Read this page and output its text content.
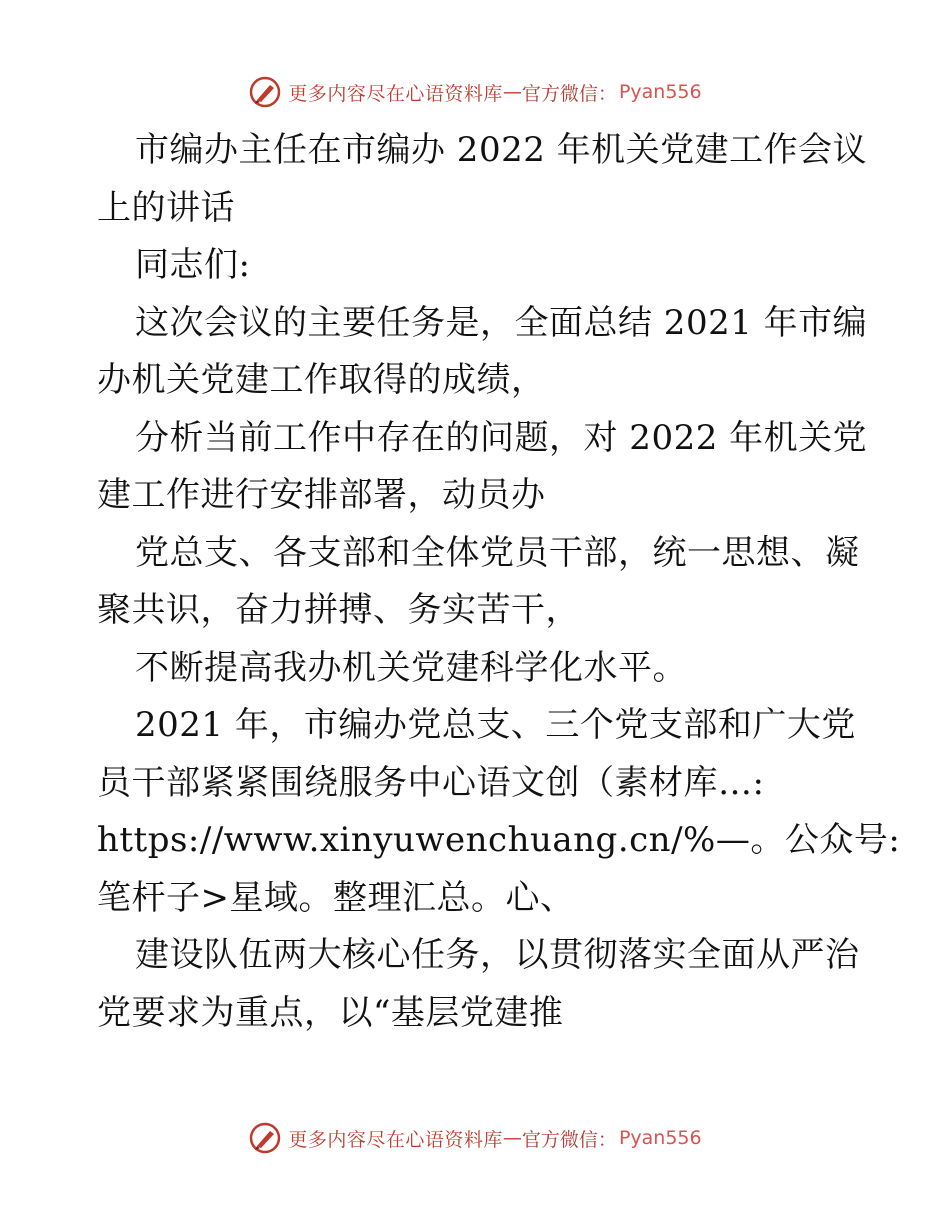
更多内容尽在心语资料库 — 官方微信： Pyan556
市编办主任在市编办 2022 年机关党建工作会议
上的讲话
同志们:
这次会议的主要任务是，全面总结 2021 年市编
办机关党建工作取得的成绩，
分析当前工作中存在的问题，对 2022 年机关党
建工作进行安排部署，动员办
党总支、各支部和全体党员干部，统一思想、凝
聚共识，奋力拼搏、务实苦干，
不断提高我办机关党建科学化水平。
2021 年，市编办党总支、三个党支部和广大党
员干部紧紧围绕服务中心语文创（素材库…:
https://www.xinyuwenchuang.cn/%—。公众号:
笔杆子>星域。整理汇总。心、
建设队伍两大核心任务，以贯彻落实全面从严治
党要求为重点，以“基层党建推
更多内容尽在心语资料库 — 官方微信： Pyan556
